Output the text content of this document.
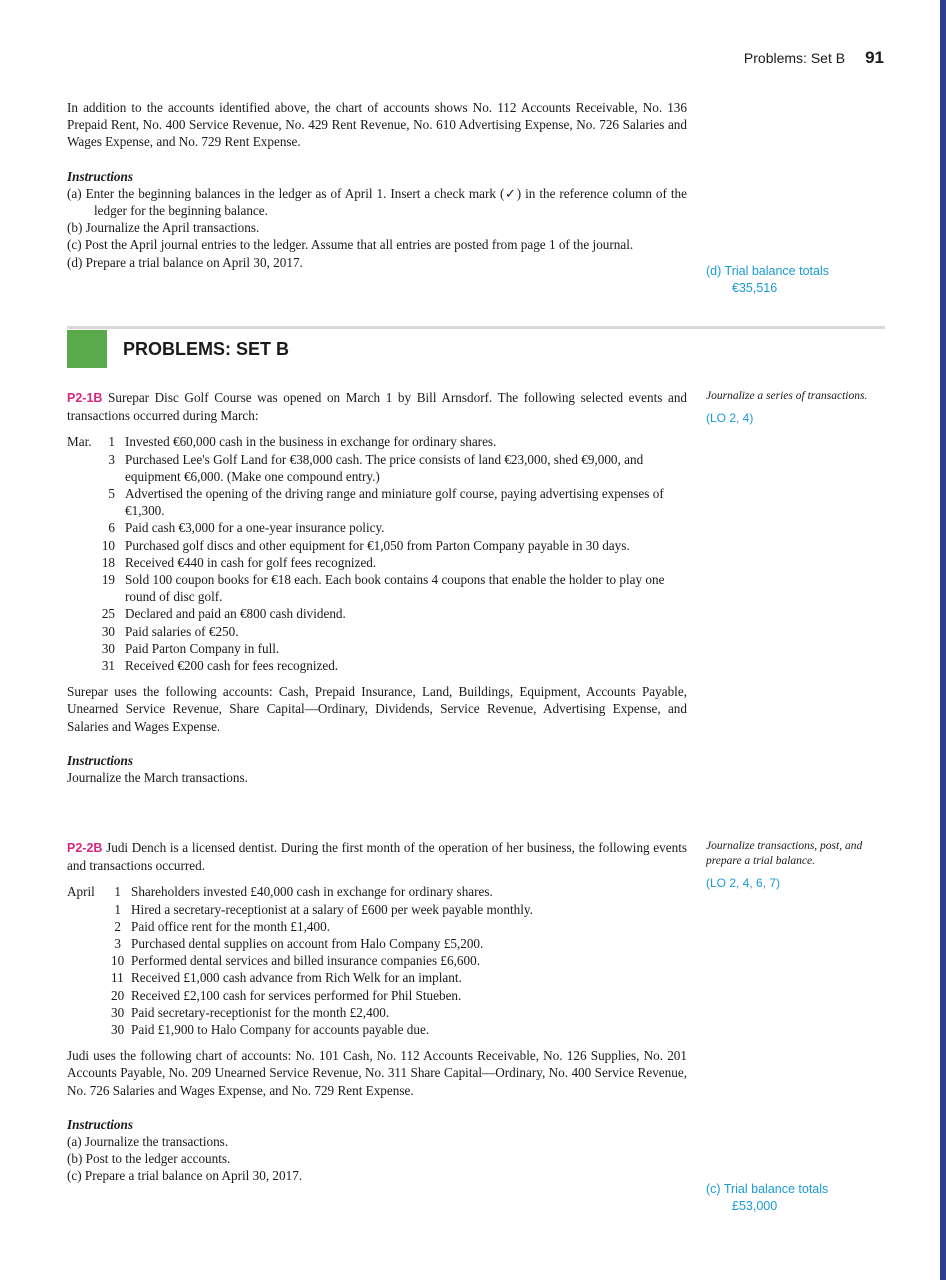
Problems: Set B 91

In addition to the accounts identified above, the chart of accounts shows No. 112 Accounts Receivable, No. 136 Prepaid Rent, No. 400 Service Revenue, No. 429 Rent Revenue, No. 610 Advertising Expense, No. 726 Salaries and Wages Expense, and No. 729 Rent Expense.

Instructions

(a) Enter the beginning balances in the ledger as of April 1. Insert a check mark (✓) in the reference column of the ledger for the beginning balance.
(b) Journalize the April transactions.
(c) Post the April journal entries to the ledger. Assume that all entries are posted from page 1 of the journal.
(d) Prepare a trial balance on April 30, 2017.
(d) Trial balance totals
€35,516
PROBLEMS: SET B

P2-1B Surepar Disc Golf Course was opened on March 1 by Bill Arnsdorf. The following selected events and transactions occurred during March:

Mar.	1 Invested €60,000 cash in the business in exchange for ordinary shares.
3 Purchased Lee's Golf Land for €38,000 cash. The price consists of land €23,000, shed €9,000, and equipment €6,000. (Make one compound entry.)
5 Advertised the opening of the driving range and miniature golf course, paying advertising expenses of €1,300.
6 Paid cash €3,000 for a one-year insurance policy.
10 Purchased golf discs and other equipment for €1,050 from Parton Company payable in 30 days.
18 Received €440 in cash for golf fees recognized.
19 Sold 100 coupon books for €18 each. Each book contains 4 coupons that enable the holder to play one round of disc golf.
25 Declared and paid an €800 cash dividend.
30 Paid salaries of €250.
30 Paid Parton Company in full.
31 Received €200 cash for fees recognized.

Surepar uses the following accounts: Cash, Prepaid Insurance, Land, Buildings, Equipment, Accounts Payable, Unearned Service Revenue, Share Capital—Ordinary, Dividends, Service Revenue, Advertising Expense, and Salaries and Wages Expense.

Instructions

Journalize the March transactions.

Journalize a series of transactions.
(LO 2, 4)

P2-2B Judi Dench is a licensed dentist. During the first month of the operation of her business, the following events and transactions occurred.

April	1 Shareholders invested £40,000 cash in exchange for ordinary shares.
1 Hired a secretary-receptionist at a salary of £600 per week payable monthly.
2 Paid office rent for the month £1,400.
3 Purchased dental supplies on account from Halo Company £5,200.
10 Performed dental services and billed insurance companies £6,600.
11 Received £1,000 cash advance from Rich Welk for an implant.
20 Received £2,100 cash for services performed for Phil Stueben.
30 Paid secretary-receptionist for the month £2,400.
30 Paid £1,900 to Halo Company for accounts payable due.

Judi uses the following chart of accounts: No. 101 Cash, No. 112 Accounts Receivable, No. 126 Supplies, No. 201 Accounts Payable, No. 209 Unearned Service Revenue, No. 311 Share Capital—Ordinary, No. 400 Service Revenue, No. 726 Salaries and Wages Expense, and No. 729 Rent Expense.

Instructions

(a) Journalize the transactions.
(b) Post to the ledger accounts.
(c) Prepare a trial balance on April 30, 2017.
Journalize transactions, post, and prepare a trial balance.
(LO 2, 4, 6, 7)
(c) Trial balance totals
£53,000
